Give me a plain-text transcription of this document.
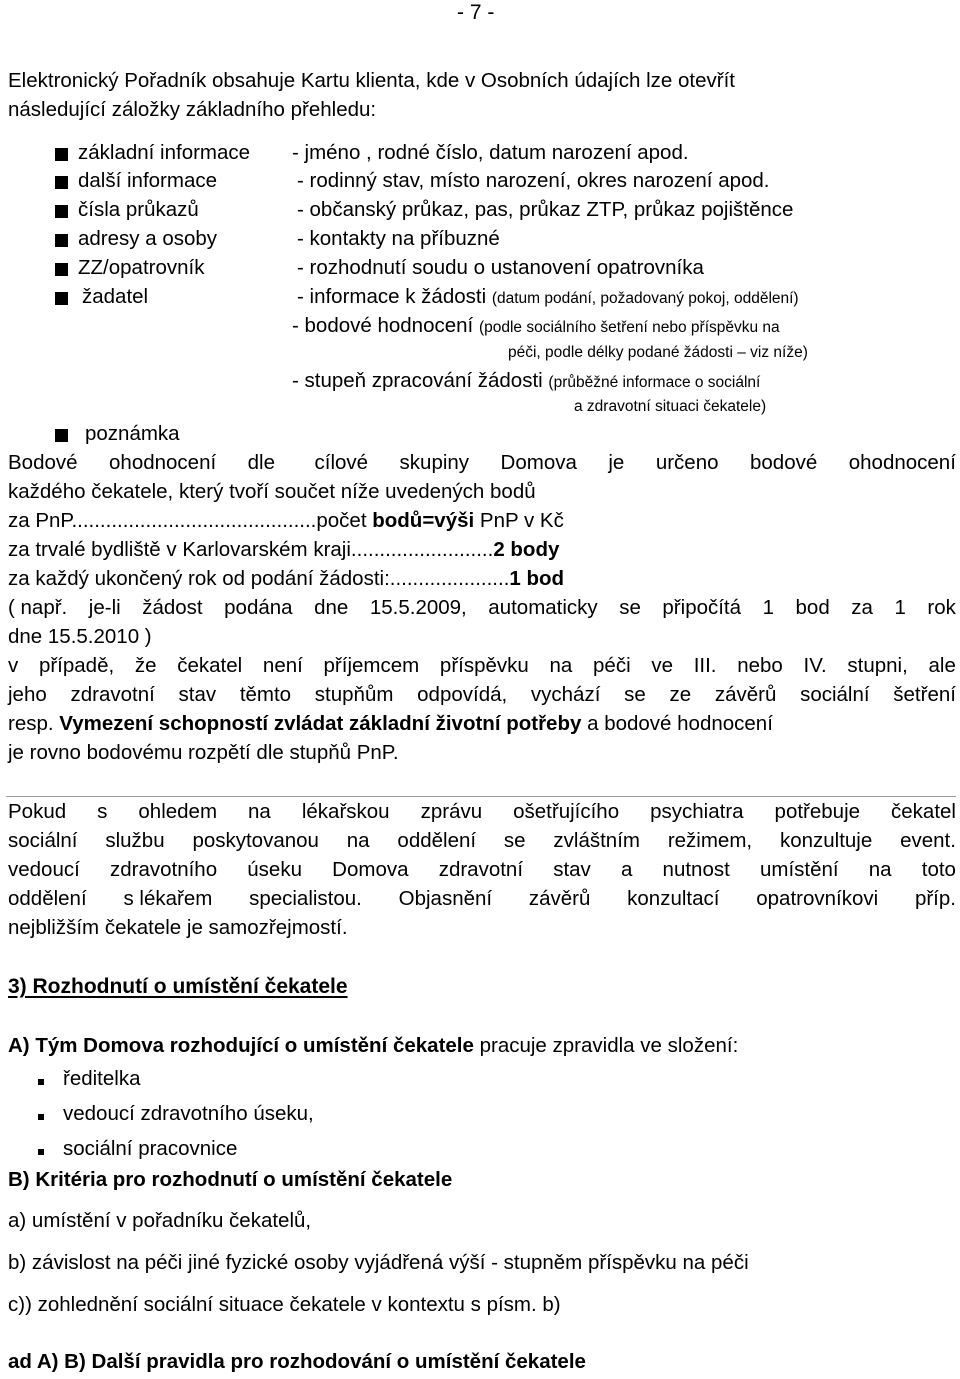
- 7 -
Elektronický Pořadník obsahuje Kartu klienta, kde v Osobních údajích lze otevřít
následující záložky základního přehledu:
základní informace - jméno , rodné číslo, datum narození apod.
další informace	- rodinný stav, místo narození, okres narození apod.
čísla průkazů	- občanský průkaz, pas, průkaz ZTP, průkaz pojištěnce
adresy a osoby	- kontakty na příbuzné
ZZ/opatrovník	- rozhodnutí soudu o ustanovení opatrovníka
žadatel	- informace k žádosti (datum podání, požadovaný pokoj, oddělení)
- bodové hodnocení (podle sociálního šetření nebo příspěvku na
péči, podle délky podané žádosti – viz níže)
- stupeň zpracování žádosti (průběžné informace o sociální
a zdravotní situaci čekatele)
poznámka
Bodové ohodnocení dle cílové skupiny Domova je určeno bodové ohodnocení
každého čekatele, který tvoří součet níže uvedených bodů
za PnP...........................................počet bodů=výši PnP v Kč
za trvalé bydliště v Karlovarském kraji.........................2 body
za každý ukončený rok od podání žádosti:.....................1 bod
( např. je-li žádost podána dne 15.5.2009, automaticky se připočítá 1 bod za 1 rok
dne 15.5.2010 )
v případě, že čekatel není příjemcem příspěvku na péči ve III. nebo IV. stupni, ale
jeho zdravotní stav těmto stupňům odpovídá, vychází se ze závěrů sociální šetření
resp. Vymezení schopností zvládat základní životní potřeby a bodové hodnocení
je rovno bodovému rozpětí dle stupňů PnP.
Pokud s ohledem na lékařskou zprávu ošetřujícího psychiatra potřebuje čekatel
sociální službu poskytovanou na oddělení se zvláštním režimem, konzultuje event.
vedoucí zdravotního úseku Domova zdravotní stav a nutnost umístění na toto
oddělení s lékařem specialistou. Objasnění závěrů konzultací opatrovníkovi příp.
nejbližším čekatele je samozřejmostí.
3) Rozhodnutí o umístění čekatele
A) Tým Domova rozhodující o umístění čekatele pracuje zpravidla ve složení:
ředitelka
vedoucí zdravotního úseku,
sociální pracovnice
B) Kritéria pro rozhodnutí o umístění čekatele
a) umístění v pořadníku čekatelů,
b) závislost na péči jiné fyzické osoby vyjádřená výší - stupněm příspěvku na péči
c)) zohlednění sociální situace čekatele v kontextu s písm. b)
ad A) B) Další pravidla pro rozhodování o umístění čekatele
